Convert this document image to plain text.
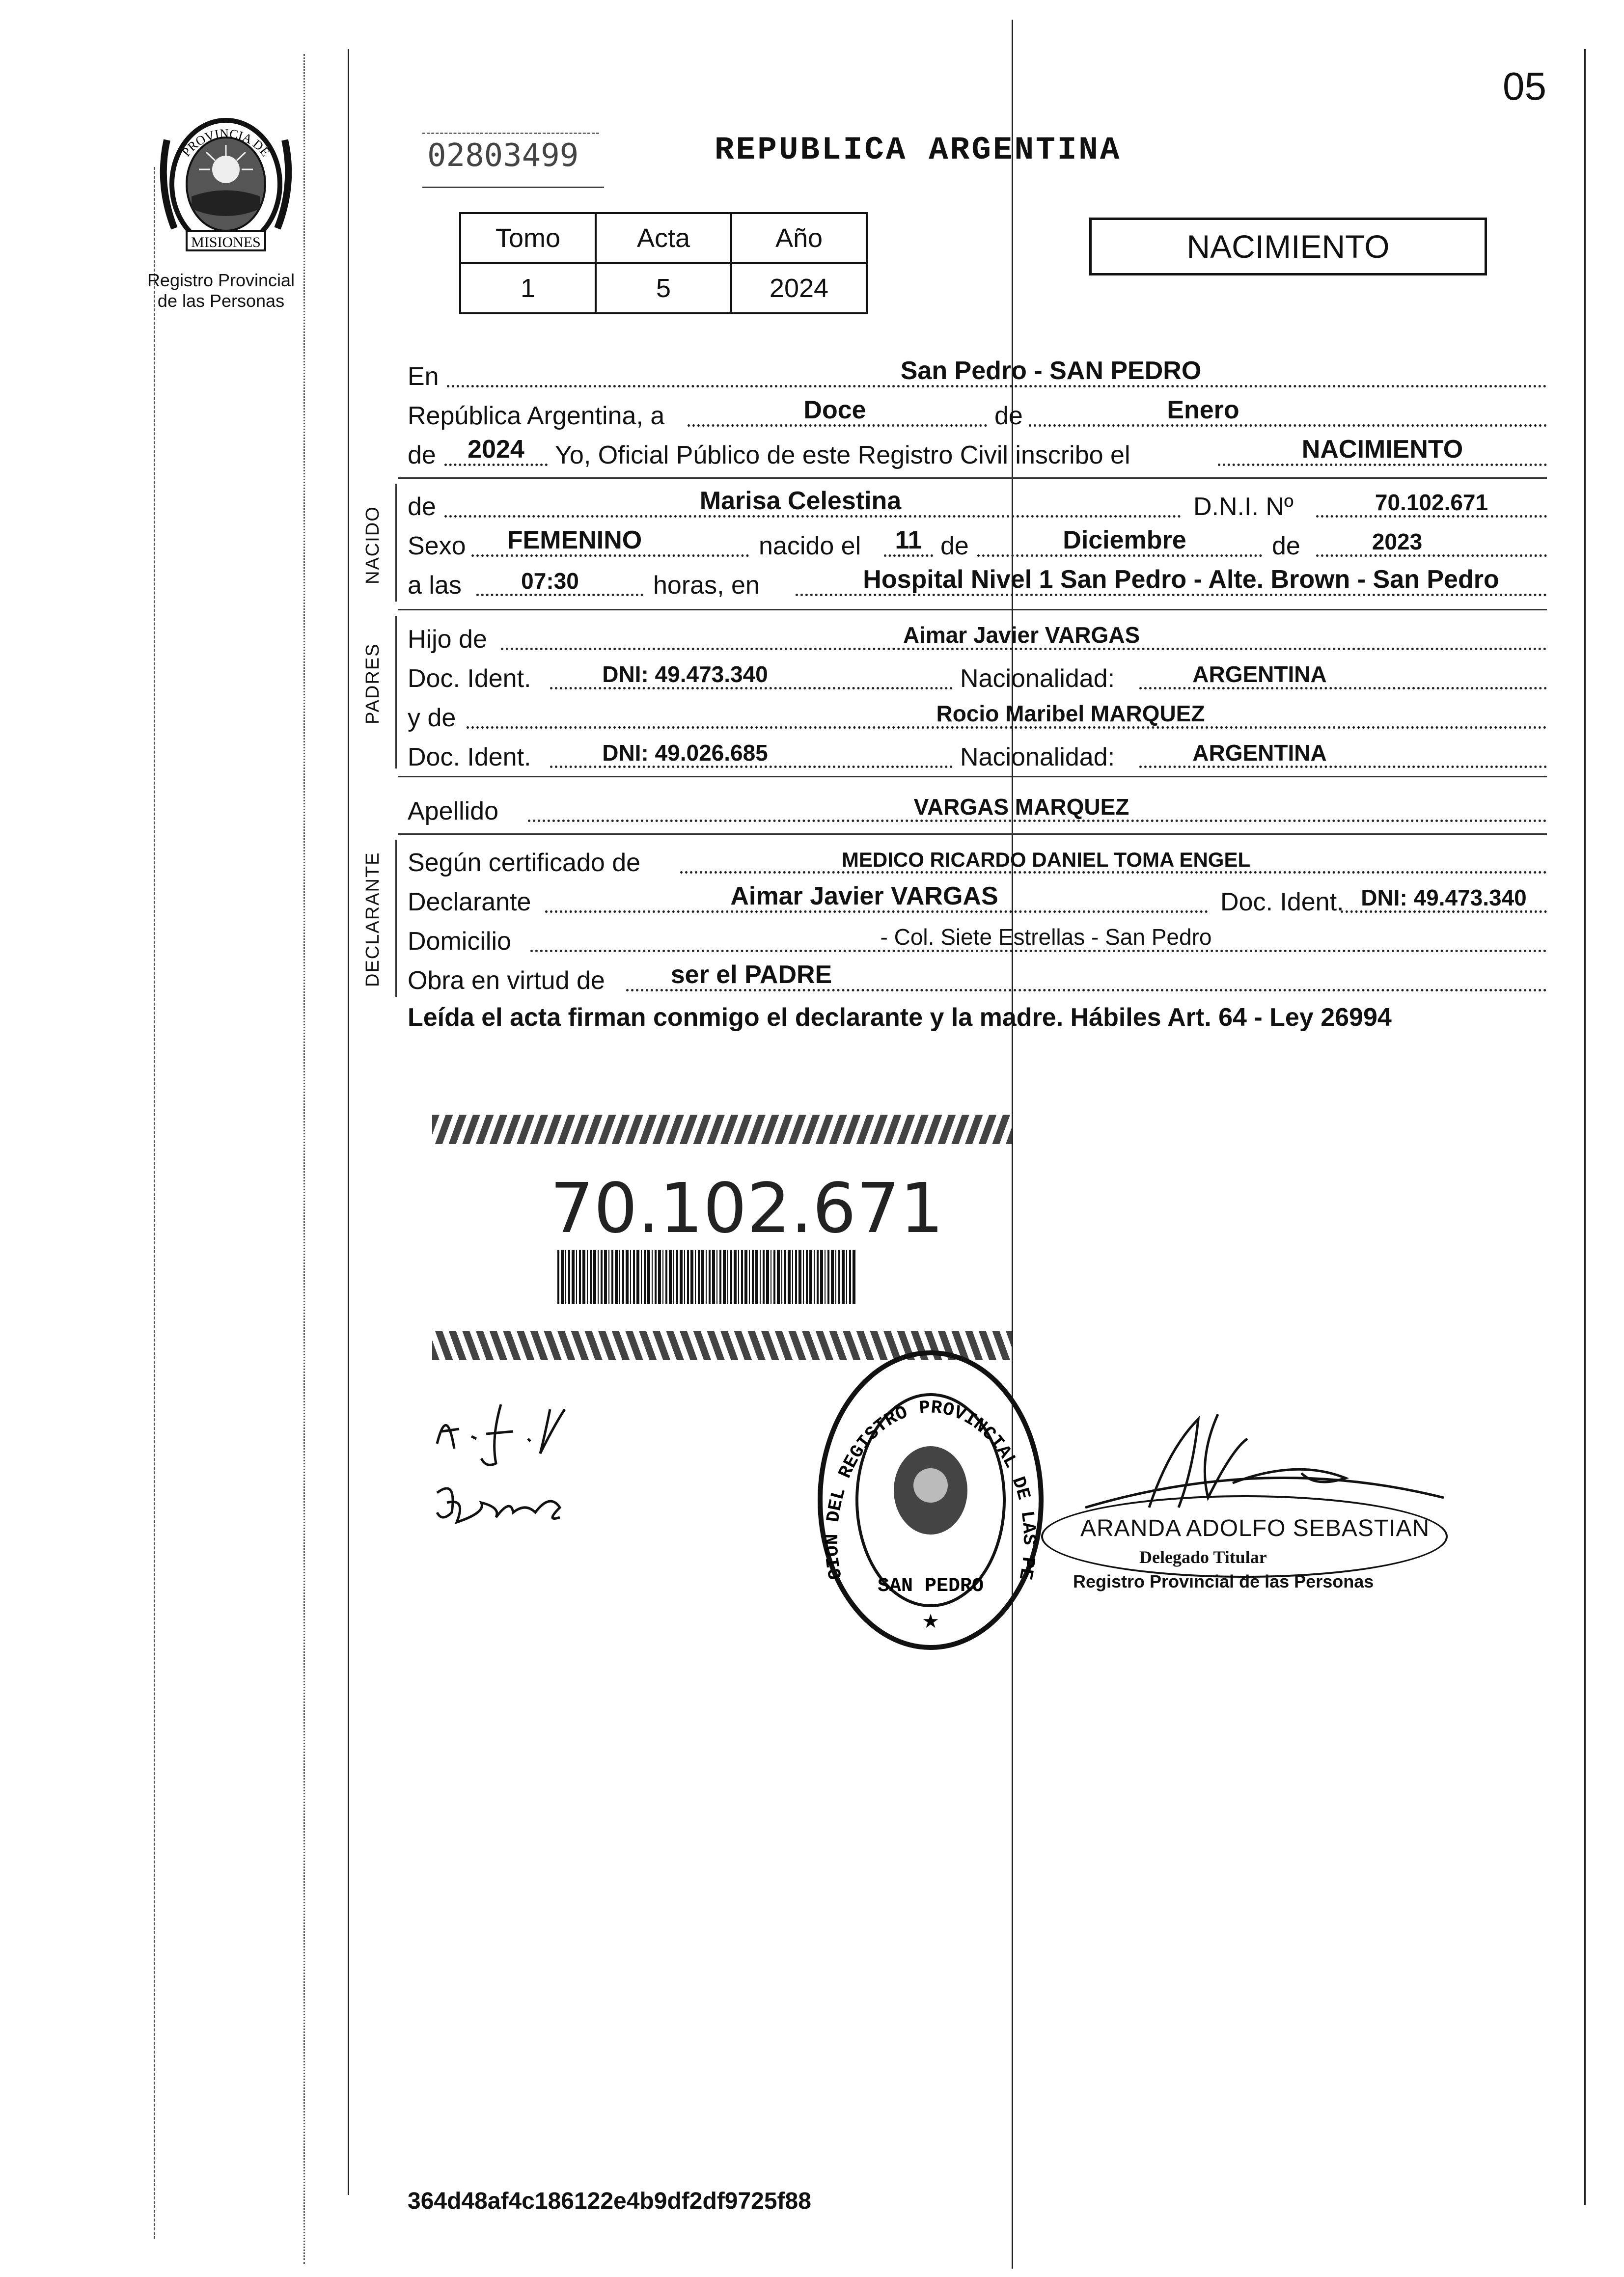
05
MISIONES
PROVINCIA DE
Registro Provincial
de las Personas
02803499	REPUBLICA ARGENTINA
Tomo	Acta	Año
1	5	2024
NACIMIENTO
En	San Pedro - SAN PEDRO
República Argentina, a	Doce	de	Enero
de	2024	Yo, Oficial Público de este Registro Civil inscribo el	NACIMIENTO
de	Marisa Celestina	D.N.I. Nº	70.102.671
Sexo	FEMENINO	nacido el	11 de	Diciembre	de	2023
a las	07:30	horas, en	Hospital Nivel 1 San Pedro - Alte. Brown - San Pedro
Hijo de	Aimar Javier VARGAS
Doc. Ident.	DNI: 49.473.340	Nacionalidad:	ARGENTINA
y de	Rocio Maribel MARQUEZ
Doc. Ident.	DNI: 49.026.685	Nacionalidad:	ARGENTINA
Apellido	VARGAS MARQUEZ
Según certificado de	MEDICO RICARDO DANIEL TOMA ENGEL
Declarante	Aimar Javier VARGAS	Doc. Ident. DNI: 49.473.340
Domicilio	- Col. Siete Estrellas - San Pedro
Obra en virtud de	ser el PADRE
NACIDO
PADRES
DECLARANTE
Leída el acta firman conmigo el declarante y la madre. Hábiles Art. 64 - Ley 26994
70.102.671
CION DEL REGISTRO PROVINCIAL DE LAS PE
SAN PEDRO
★
ARANDA ADOLFO SEBASTIAN
Delegado Titular
Registro Provincial de las Personas
364d48af4c186122e4b9df2df9725f88
